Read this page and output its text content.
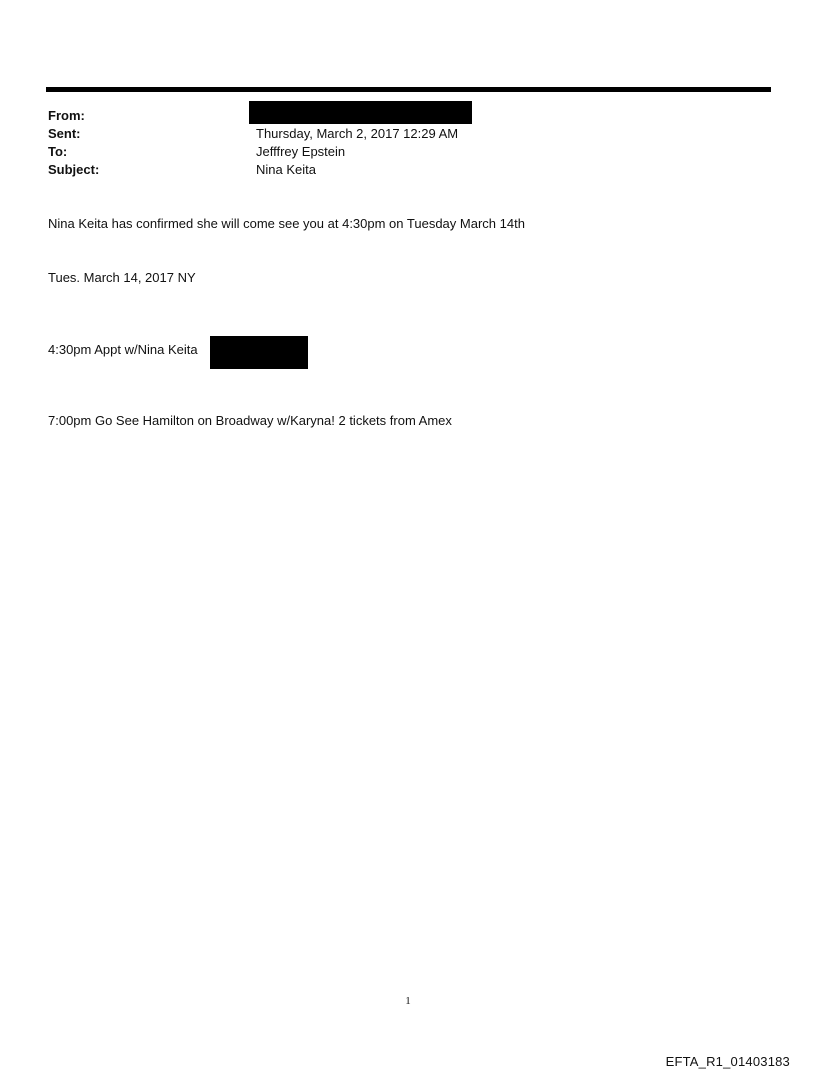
From:
Sent:	Thursday, March 2, 2017 12:29 AM
To:	Jefffrey Epstein
Subject:	Nina Keita
Nina Keita has confirmed she will come see you at 4:30pm on Tuesday March 14th
Tues. March 14, 2017 NY
4:30pm Appt w/Nina Keita
7:00pm Go See Hamilton on Broadway w/Karyna! 2 tickets from Amex
1
EFTA_R1_01403183
